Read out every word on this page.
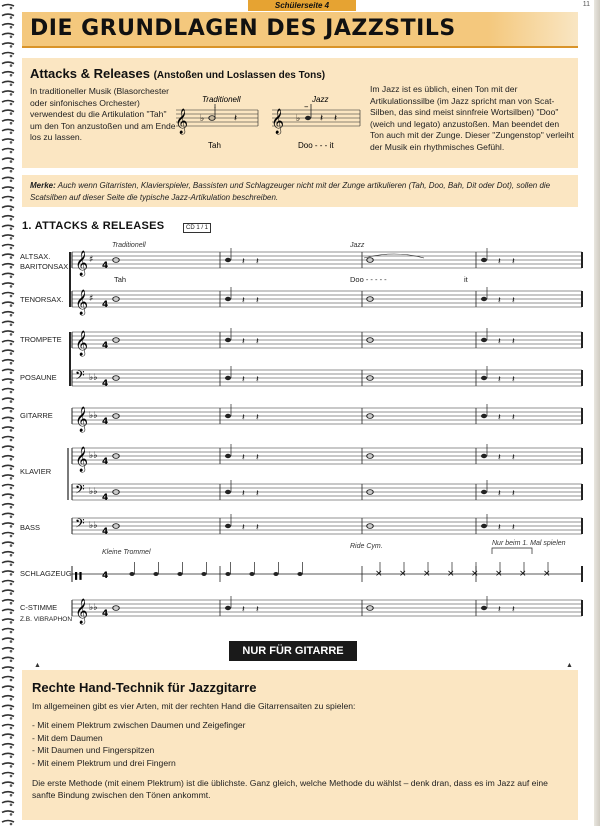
11
Schülerseite 4
DIE GRUNDLAGEN DES JAZZSTILS
Attacks & Releases (Anstoßen und Loslassen des Tons)
In traditioneller Musik (Blasorchester oder sinfonisches Orchester) verwendest du die Artikulation "Tah" um den Ton anzustoßen und am Ende los zu lassen.
Traditionell
𝄞 ♭
.
𝄽
Tah
Jazz
𝄞 ♭
–
𝄽 𝄽
Doo - - - it
Im Jazz ist es üblich, einen Ton mit der Artikulationssilbe (im Jazz spricht man von Scat-Silben, das sind meist sinnfreie Wortsilben) "Doo" (weich und legato) anzustoßen. Man beendet den Ton auch mit der Zunge. Dieser "Zungenstop" verleiht der Musik ein rhythmisches Gefühl.

Merke: Auch wenn Gitarristen, Klavierspieler, Bassisten und Schlagzeuger nicht mit der Zunge artikulieren (Tah, Doo, Bah, Dit oder Dot), sollen die Scatsilben auf dieser Seite die typische Jazz-Artikulation beschreiben.

1. ATTACKS & RELEASES	CD 1 / 1
𝄞 ♯
4	𝄽 𝄽	𝄽 𝄽
𝄞 ♯
4	𝄽 𝄽	𝄽 𝄽
𝄞 4	𝄽 𝄽	𝄽 𝄽
𝄢 ♭♭
4	𝄽 𝄽	𝄽 𝄽
𝄞 ♭♭
4	𝄽 𝄽	𝄽 𝄽
𝄞 ♭♭
4	𝄽 𝄽	𝄽 𝄽
𝄢 ♭♭
4	𝄽 𝄽	𝄽 𝄽
𝄢 ♭♭
4	𝄽 𝄽	𝄽 𝄽
𝄥 4	× × × × × × × ×
𝄞 ♭♭
4	𝄽 𝄽	𝄽 𝄽
ALTSAX.
BARITONSAX.
TENORSAX.
TROMPETE
POSAUNE
GITARRE
KLAVIER
BASS
SCHLAGZEUG
C-STIMME
Z.B. VIBRAPHON
Traditionell	Jazz
Kleine Trommel
Ride Cym.	Nur beim 1. Mal spielen
Tah	Doo - - - - -	it
NUR FÜR GITARRE
▲	▲
Rechte Hand-Technik für Jazzgitarre
Im allgemeinen gibt es vier Arten, mit der rechten Hand die Gitarrensaiten zu spielen:
- Mit einem Plektrum zwischen Daumen und Zeigefinger
- Mit dem Daumen
- Mit Daumen und Fingerspitzen
- Mit einem Plektrum und drei Fingern
Die erste Methode (mit einem Plektrum) ist die üblichste. Ganz gleich, welche Methode du wählst – denk dran, dass es im Jazz auf eine sanfte Bindung zwischen den Tönen ankommt.
